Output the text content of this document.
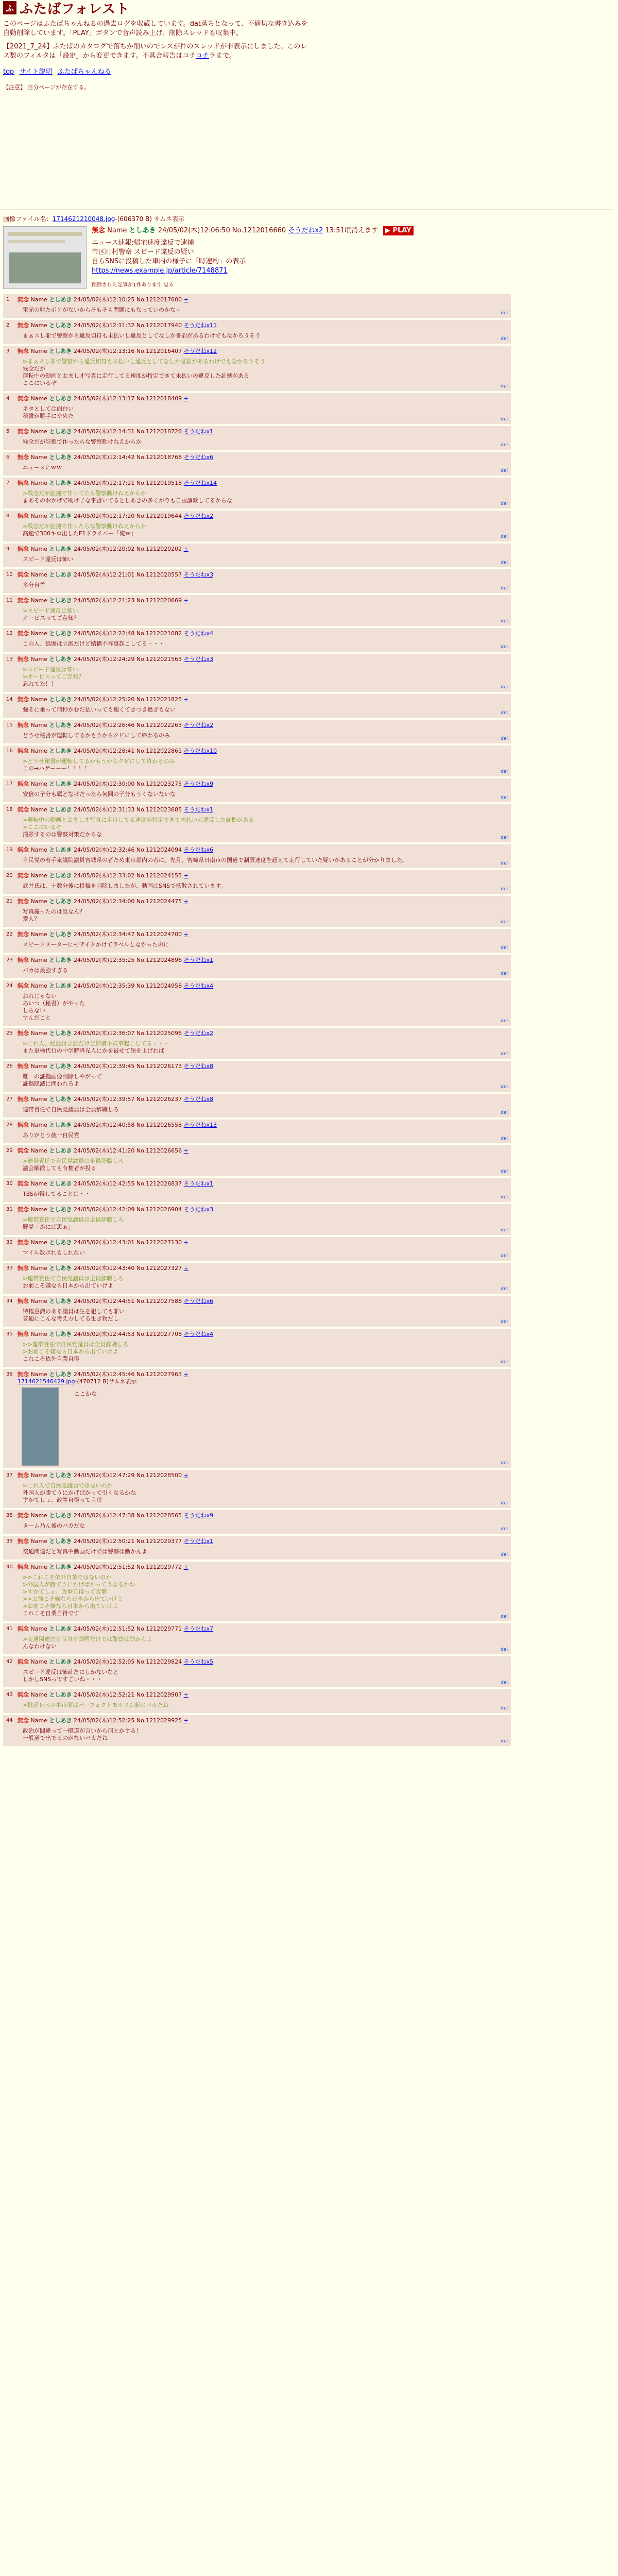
ふ ふたばフォレスト
このページはふたばちゃんねるの過去ログを収蔵しています。dat落ちとなって、不適切な書き込みを自動削除しています。「PLAY」ボタンで音声読み上げ。削除スレッドも収集中。
【2021_7_24】ふたばのカタログで落ちか削いのでレスが件のスレッドが非表示にしました。このレス数のフィルタは「設定」から変更できます。不具合報告はコチコチラまで。
top サイト説明 ふたばちゃんねる
【注意】 自分ページが存在する。
画像ファイル名：1714621210048.jpg-(606370 B) サムネ表示
無念 Name としあき 24/05/02(木)12:06:50 No.1212016660 そうだねx2 13:51頃消えます ▶ PLAY
ニュース速報:帰宅速度違反で逮捕
市区町村警察 スピード違反の疑い
自らSNSに投稿した車内の様子に「時速約」の表示
https://news.example.jp/article/7148871
削除された記事が1件あります 見る
1 無念 Name としあき 24/05/02(木)12:10:25 No.1212017600 +
電光の射たボケがないからそもそも問題にもなっていのかな~	del
2 無念 Name としあき 24/05/02(木)12:11:32 No.1212017940 そうだねx11
まぁスし罪で警察から違反切符も未払いし違反としてなしか誉罰があるわけでもなかろうそう	del
3 無念 Name としあき 24/05/02(木)12:13:16 No.1212016407 そうだねx12
>まぁスし罪で警察から違反切符も未払いし違反としてなしか誉罰があるわけでもなかろうそう
残念だが
運転中の動画とおまし才写真に走行してる速度が特定できて未払いの違反した証拠がある
ここにいるぞ	del
4 無念 Name としあき 24/05/02(木)12:13:17 No.1212018409 +
ネタとしては面白い
秘書が勝手にやめた	del
5 無念 Name としあき 24/05/02(木)12:14:31 No.1212018726 そうだねx1
残念だが証拠で作ったらな警察動けねえからか	del
6 無念 Name としあき 24/05/02(木)12:14:42 No.1212018768 そうだねx6
ニュースにｗｗ	del
7 無念 Name としあき 24/05/02(木)12:17:21 No.1212019518 そうだねx14
>残念だが証拠で作ってたら警察動けねえからか
まあそのおかげで助け子な事書いてるとしあきの多くが今も自由謳歌してるからな	del
8 無念 Name としあき 24/05/02(木)12:17:20 No.1212019644 そうだねx2
>残念だが証拠で作ったらな警察動けねえからか
高速で300キロ出したF1ドライバー「俺ｗ」	del
9 無念 Name としあき 24/05/02(木)12:20:02 No.1212020202 +
スピード違反は怖い	del
10 無念 Name としあき 24/05/02(木)12:21:01 No.1212020557 そうだねx3
多分自首	del
11 無念 Name としあき 24/05/02(木)12:21:23 No.1212020669 +
>スピード違反は怖い
オービスってご存知？	del
12 無念 Name としあき 24/05/02(木)12:22:48 No.1212021082 そうだねx4
この人、経歴は立派だけど結構不祥事起こしてる・・・	del
13 無念 Name としあき 24/05/02(木)12:24:29 No.1212021563 そうだねx3
>スピード違反は怖い
>オービスってご存知？
忘れてた！！	del
14 無念 Name としあき 24/05/02(木)12:25:20 No.1212021825 +
強そに乗って何秒かむだ払いっても速くてきつき過ぎもない	del
15 無念 Name としあき 24/05/02(木)12:26:46 No.1212022263 そうだねx2
どうせ秘書が運転してるかもうからクビにして終わるのみ	del
16 無念 Name としあき 24/05/02(木)12:28:41 No.1212022861 そうだねx10
>どうせ秘書が運転してるかもうからクビにして終わるのみ
この→ハゲーーー！！！！	del
17 無念 Name としあき 24/05/02(木)12:30:00 No.1212023275 そうだねx9
安倍の子分も属どなけだったら何回の子分もうくないないな	del
18 無念 Name としあき 24/05/02(木)12:31:33 No.1212023685 そうだねx1
>運転中の動画とおまし才写真に走行してる速度が特定できて未払いの違反した証拠がある
>ここにいるぞ
撮影するのは警察対策だからな	del
19 無念 Name としあき 24/05/02(木)12:32:46 No.1212024094 そうだねx6
自民党の若手衆議院議員宮城県の者ため東京都内の者に、先月、宮崎県日南市の国道で制限速度を超えて走行していた疑いがあることが分かりました。	del
20 無念 Name としあき 24/05/02(木)12:33:02 No.1212024155 +
武井氏は、十数分後に投稿を削除しましたが、動画はSNSで拡散されています。	del
21 無念 Name としあき 24/05/02(木)12:34:00 No.1212024475 +
写真撮ったのは誰なん？
愛人？	del
22 無念 Name としあき 24/05/02(木)12:34:47 No.1212024700 +
スピードメーターにモザイクかけてラベルしなかったのに	del
23 無念 Name としあき 24/05/02(木)12:35:25 No.1212024896 そうだねx1
バカは最強すぎる	del
24 無念 Name としあき 24/05/02(木)12:35:39 No.1212024958 そうだねx4
おれじゃない
あいつ（秘書）がやった
しらない
すんだこと	del
25 無念 Name としあき 24/05/02(木)12:36:07 No.1212025096 そうだねx2
>これ人、経歴は立派だけど結構不祥事起こしてる・・・
また車検代行の中学時降光人にかを被せて領を上げれば	del
26 無念 Name としあき 24/05/02(木)12:39:45 No.1212026173 そうだねx8
唯一の証拠画像削除しやがって
証拠隠滅に問われろよ	del
27 無念 Name としあき 24/05/02(木)12:39:57 No.1212026237 そうだねx8
連帯責任で自民党議員は全員辞職しろ	del
28 無念 Name としあき 24/05/02(木)12:40:58 No.1212026558 そうだねx13
ありがとう統一自民党	del
29 無念 Name としあき 24/05/02(木)12:41:20 No.1212026656 +
>連帯責任で自民党議員は全員辞職しろ
議会解散しても有権者が投る	del
30 無念 Name としあき 24/05/02(木)12:42:55 No.1212026837 そうだねx1
TBSが得してることは・・	del
31 無念 Name としあき 24/05/02(木)12:42:09 No.1212026904 そうだねx3
>連帯責任で自民党議員は全員辞職しろ
野党「あにば思ぁ」	del
32 無念 Name としあき 24/05/02(木)12:43:01 No.1212027130 +
マイル数ポれもしれない	del
33 無念 Name としあき 24/05/02(木)12:43:40 No.1212027327 +
>連帯責任で自民党議員は全員辞職しろ
お前こそ嫌なら日本から出ていけよ	del
34 無念 Name としあき 24/05/02(木)12:44:51 No.1212027588 そうだねx6
特権意識のある議員は生を犯しても罪い
普通にこんな考え方してる生き物だし	del
35 無念 Name としあき 24/05/02(木)12:44:53 No.1212027708 そうだねx4
>>連帯責任で自民党議員は全員辞職しろ
>お前こそ嫌なら日本から出ていけよ
これこそ依外自業自得	del
36 無念 Name としあき 24/05/02(木)12:45:46 No.1212027963 +
1714621546429.jpg-(470712 B)サムネ表示
ここかな
del
37 無念 Name としあき 24/05/02(木)12:47:29 No.1212028500 +
>これ人で自民党議員ではないのか
外国人が勝てうにかげばかって引くなるかね
すかてしょ、政拳自得って言葉	del
38 無念 Name としあき 24/05/02(木)12:47:38 No.1212028565 そうだねx9
ターム乃ん後のバカだな	del
39 無念 Name としあき 24/05/02(木)12:50:21 No.1212029377 そうだねx1
交通関連だと写真や動画だけでは警察は動かんよ	del
40 無念 Name としあき 24/05/02(木)12:51:52 No.1212029772 +
>>これこそ依外自業ではないのか
>外国人が勝てうにかげばかってうなるかね
>すかてしょ、政拳自得って言葉
>>お前こそ嫌なら日本から出ていけよ
>お前こそ嫌なら日本から出ていけよ
これこそ自業自得です	del
41 無念 Name としあき 24/05/02(木)12:51:52 No.1212029771 そうだねx7
>交通関連だと写真や動画だけでは警察は動かんよ
んなわけない	del
42 無念 Name としあき 24/05/02(木)12:52:05 No.1212029824 そうだねx5
スピード違反は怖計だにしかないなと
しかしSNSってすごいね・・・	del
43 無念 Name としあき 24/05/02(木)12:52:21 No.1212029907 +
>批評レベル半市面はパーフェクトモルマム新のバカだね	del
44 無念 Name としあき 24/05/02(木)12:52:25 No.1212029925 +
政治が間違って一般道が言いから何とかする！
一般道で出でるのがないバカだね	del
